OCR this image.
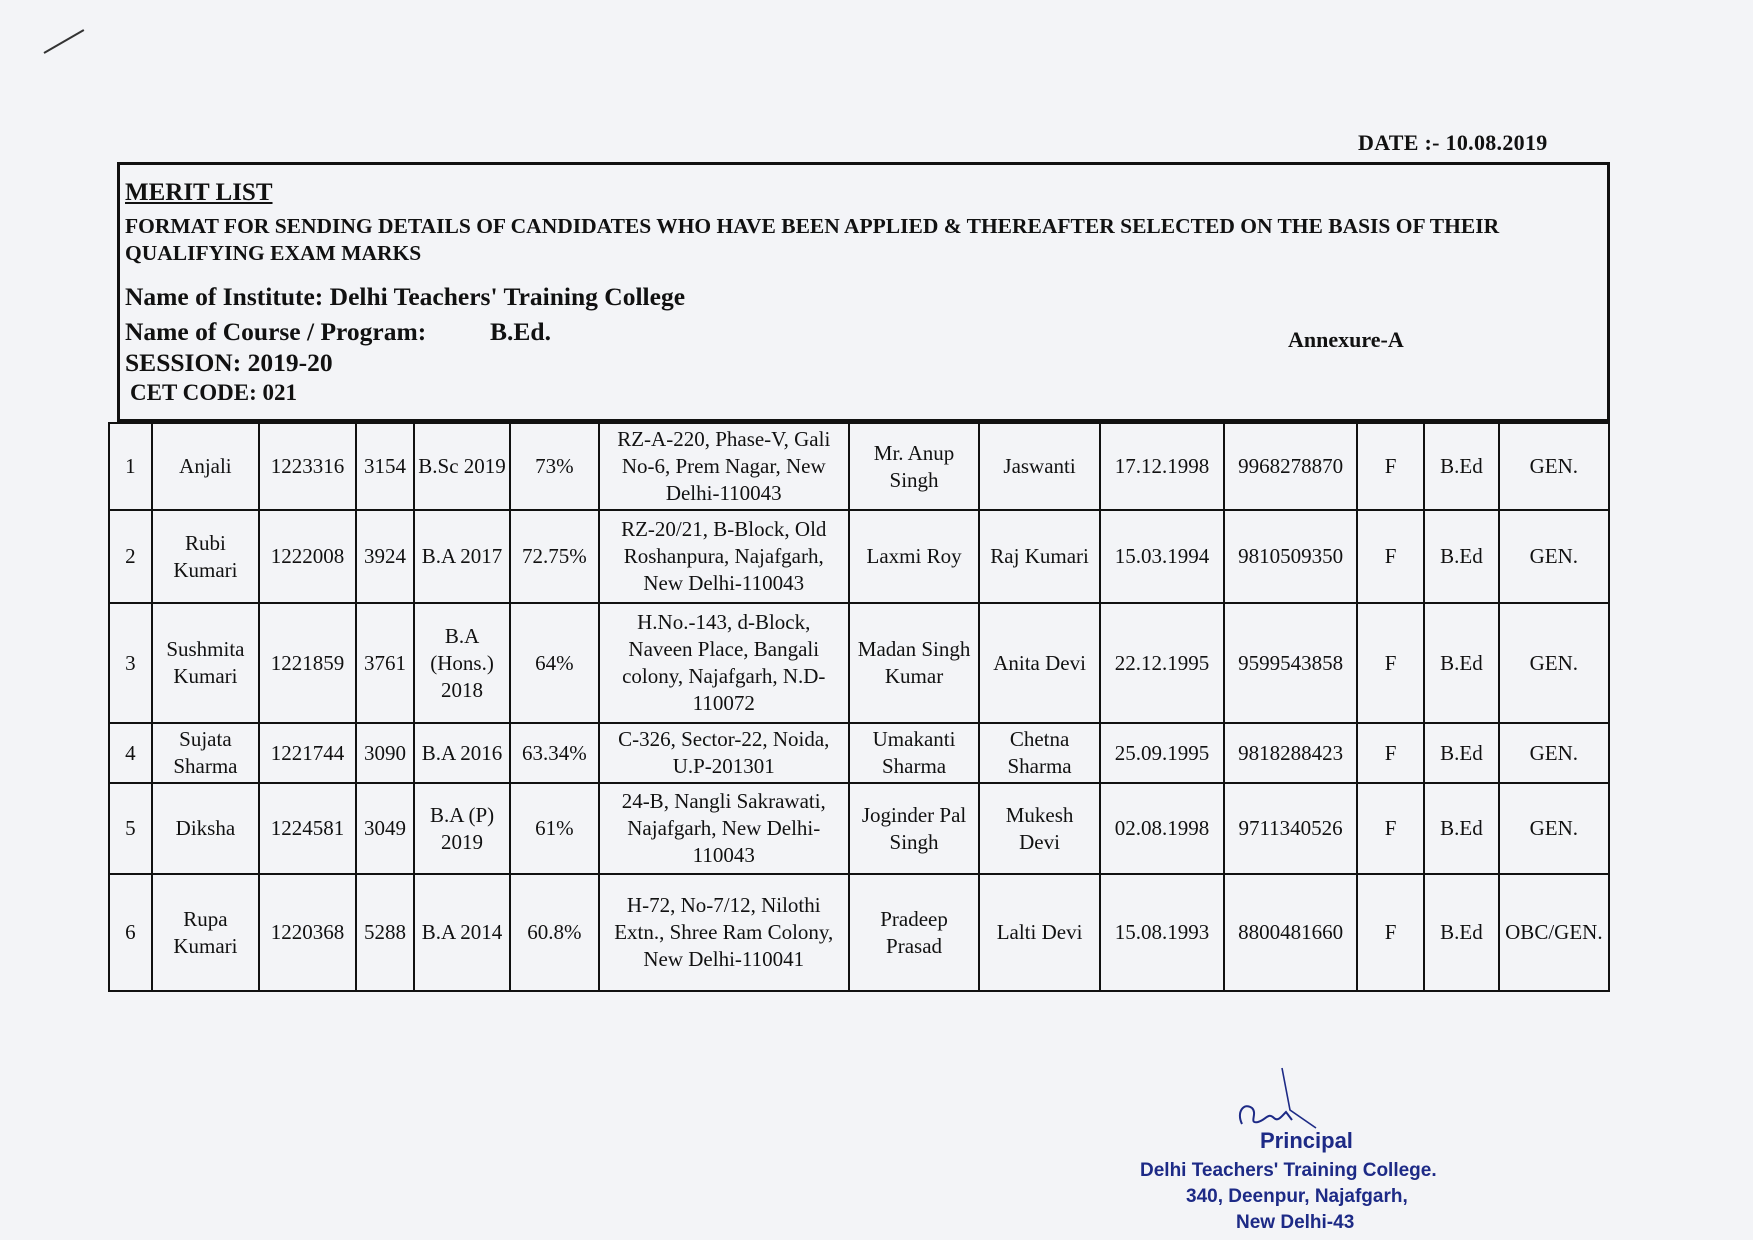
DATE :- 10.08.2019
MERIT LIST
FORMAT FOR SENDING DETAILS OF CANDIDATES WHO HAVE BEEN APPLIED & THEREAFTER SELECTED ON THE BASIS OF THEIR QUALIFYING EXAM MARKS
Name of Institute: Delhi Teachers' Training College
Name of Course / Program:	B.Ed.	Annexure-A
SESSION: 2019-20
CET CODE: 021
1	Anjali	1223316	3154	B.Sc 2019	73%	RZ-A-220, Phase-V, Gali No-6, Prem Nagar, New Delhi-110043	Mr. Anup Singh	Jaswanti	17.12.1998	9968278870	F	B.Ed	GEN.
2	Rubi Kumari	1222008	3924	B.A 2017	72.75%	RZ-20/21, B-Block, Old Roshanpura, Najafgarh, New Delhi-110043	Laxmi Roy	Raj Kumari	15.03.1994	9810509350	F	B.Ed	GEN.
3	Sushmita Kumari	1221859	3761	B.A (Hons.) 2018	64%	H.No.-143, d-Block, Naveen Place, Bangali colony, Najafgarh, N.D-110072	Madan Singh Kumar	Anita Devi	22.12.1995	9599543858	F	B.Ed	GEN.
4	Sujata Sharma	1221744	3090	B.A 2016	63.34%	C-326, Sector-22, Noida, U.P-201301	Umakanti Sharma	Chetna Sharma	25.09.1995	9818288423	F	B.Ed	GEN.
5	Diksha	1224581	3049	B.A (P) 2019	61%	24-B, Nangli Sakrawati, Najafgarh, New Delhi-110043	Joginder Pal Singh	Mukesh Devi	02.08.1998	9711340526	F	B.Ed	GEN.
6	Rupa Kumari	1220368	5288	B.A 2014	60.8%	H-72, No-7/12, Nilothi Extn., Shree Ram Colony, New Delhi-110041	Pradeep Prasad	Lalti Devi	15.08.1993	8800481660	F	B.Ed	OBC/GEN.
Principal
Delhi Teachers' Training College.
340, Deenpur, Najafgarh,
New Delhi-43
